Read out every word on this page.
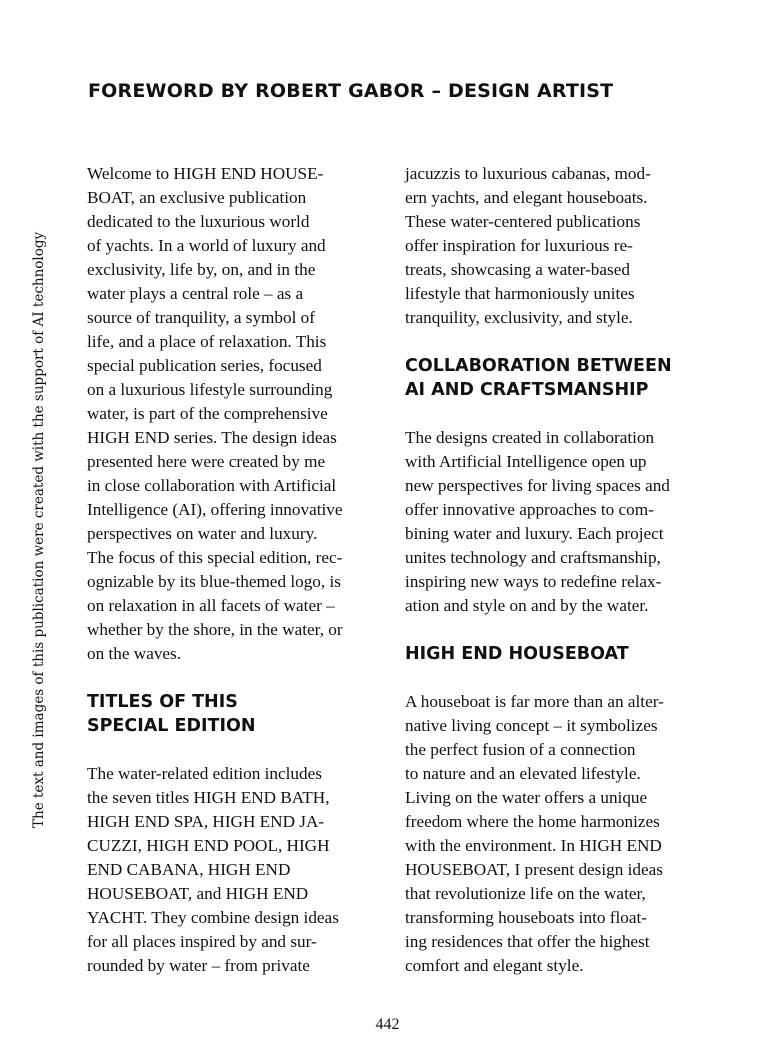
FOREWORD BY ROBERT GABOR – DESIGN ARTIST
The text and images of this publication were created with the support of AI technology

Welcome to HIGH END HOUSE-
BOAT, an exclusive publication
dedicated to the luxurious world
of yachts. In a world of luxury and
exclusivity, life by, on, and in the
water plays a central role – as a
source of tranquility, a symbol of
life, and a place of relaxation. This
special publication series, focused
on a luxurious lifestyle surrounding
water, is part of the comprehensive
HIGH END series. The design ideas
presented here were created by me
in close collaboration with Artificial
Intelligence (AI), offering innovative
perspectives on water and luxury.
The focus of this special edition, rec-
ognizable by its blue-themed logo, is
on relaxation in all facets of water –
whether by the shore, in the water, or
on the waves.

TITLES OF THIS
SPECIAL EDITION

The water-related edition includes
the seven titles HIGH END BATH,
HIGH END SPA, HIGH END JA-
CUZZI, HIGH END POOL, HIGH
END CABANA, HIGH END
HOUSEBOAT, and HIGH END
YACHT. They combine design ideas
for all places inspired by and sur-
rounded by water – from private

jacuzzis to luxurious cabanas, mod-
ern yachts, and elegant houseboats.
These water-centered publications
offer inspiration for luxurious re-
treats, showcasing a water-based
lifestyle that harmoniously unites
tranquility, exclusivity, and style.

COLLABORATION BETWEEN
AI AND CRAFTSMANSHIP

The designs created in collaboration
with Artificial Intelligence open up
new perspectives for living spaces and
offer innovative approaches to com-
bining water and luxury. Each project
unites technology and craftsmanship,
inspiring new ways to redefine relax-
ation and style on and by the water.

HIGH END HOUSEBOAT

A houseboat is far more than an alter-
native living concept – it symbolizes
the perfect fusion of a connection
to nature and an elevated lifestyle.
Living on the water offers a unique
freedom where the home harmonizes
with the environment. In HIGH END
HOUSEBOAT, I present design ideas
that revolutionize life on the water,
transforming houseboats into float-
ing residences that offer the highest
comfort and elegant style.

442
